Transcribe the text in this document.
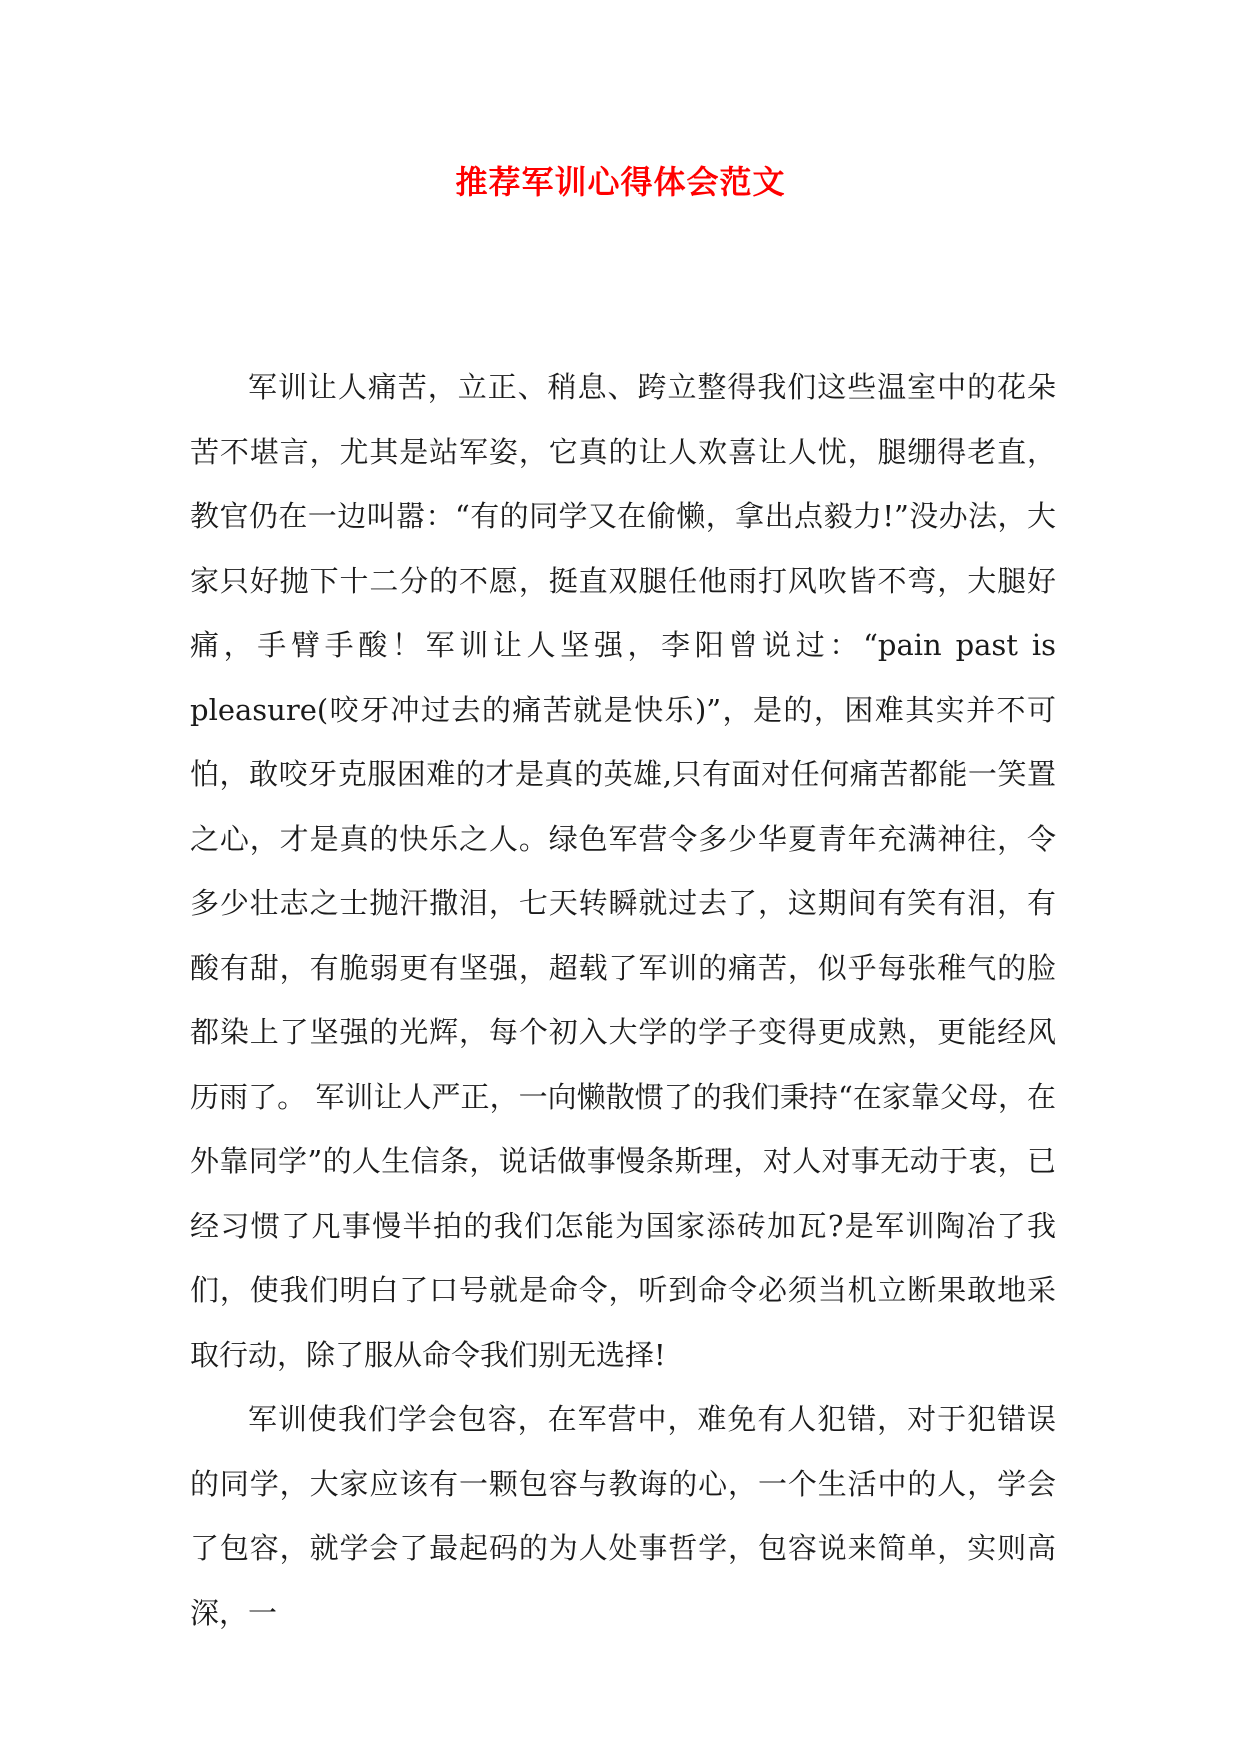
推荐军训心得体会范文

军训让人痛苦，立正、稍息、跨立整得我们这些温室中的花朵苦不堪言，尤其是站军姿，它真的让人欢喜让人忧，腿绷得老直，教官仍在一边叫嚣：“有的同学又在偷懒，拿出点毅力!”没办法，大家只好抛下十二分的不愿，挺直双腿任他雨打风吹皆不弯，大腿好痛，手臂手酸！军训让人坚强，李阳曾说过：“pain past is pleasure(咬牙冲过去的痛苦就是快乐)”，是的，困难其实并不可怕，敢咬牙克服困难的才是真的英雄,只有面对任何痛苦都能一笑置之心，才是真的快乐之人。绿色军营令多少华夏青年充满神往，令多少壮志之士抛汗撒泪，七天转瞬就过去了，这期间有笑有泪，有酸有甜，有脆弱更有坚强，超载了军训的痛苦，似乎每张稚气的脸都染上了坚强的光辉，每个初入大学的学子变得更成熟，更能经风历雨了。 军训让人严正，一向懒散惯了的我们秉持“在家靠父母，在外靠同学”的人生信条，说话做事慢条斯理，对人对事无动于衷，已经习惯了凡事慢半拍的我们怎能为国家添砖加瓦?是军训陶冶了我们，使我们明白了口号就是命令，听到命令必须当机立断果敢地采取行动，除了服从命令我们别无选择!

军训使我们学会包容，在军营中，难免有人犯错，对于犯错误的同学，大家应该有一颗包容与教诲的心，一个生活中的人，学会了包容，就学会了最起码的为人处事哲学，包容说来简单，实则高深，一
